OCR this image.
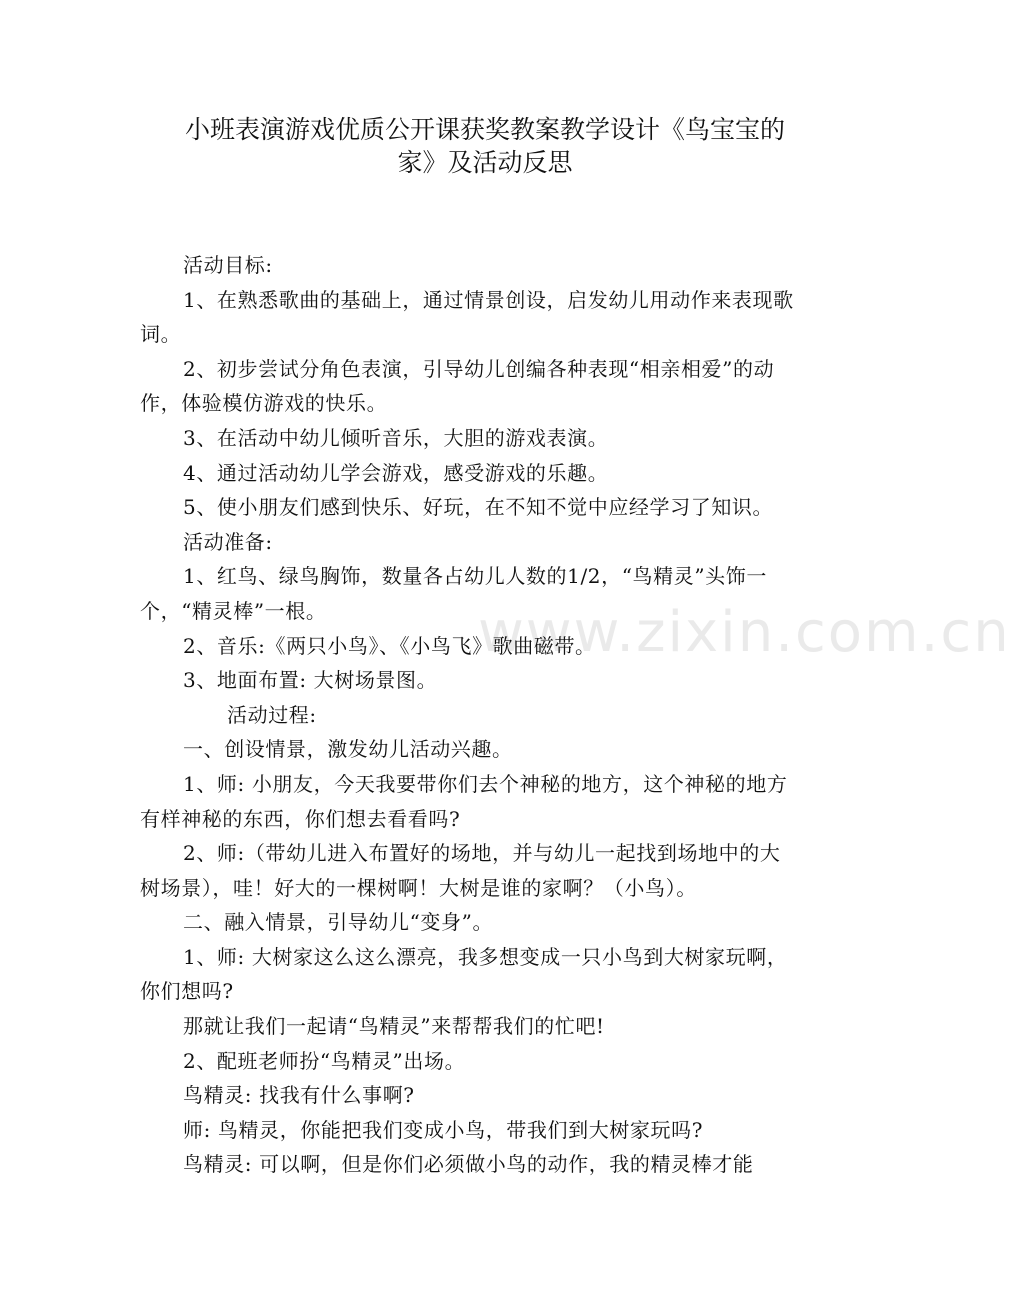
小班表演游戏优质公开课获奖教案教学设计《鸟宝宝的
家》及活动反思
www.zixin.com.cn

活动目标:

1、在熟悉歌曲的基础上，通过情景创设，启发幼儿用动作来表现歌词。

2、初步尝试分角色表演，引导幼儿创编各种表现“相亲相爱”的动作，体验模仿游戏的快乐。

3、在活动中幼儿倾听音乐，大胆的游戏表演。

4、通过活动幼儿学会游戏，感受游戏的乐趣。

5、使小朋友们感到快乐、好玩，在不知不觉中应经学习了知识。

活动准备:

1、红鸟、绿鸟胸饰，数量各占幼儿人数的1/2，“鸟精灵”头饰一个，“精灵棒”一根。

2、音乐:《两只小鸟》、《小鸟飞》歌曲磁带。

3、地面布置: 大树场景图。

活动过程:

一、创设情景，激发幼儿活动兴趣。

1、师: 小朋友，今天我要带你们去个神秘的地方，这个神秘的地方有样神秘的东西，你们想去看看吗?

2、师:（带幼儿进入布置好的场地，并与幼儿一起找到场地中的大树场景），哇！好大的一棵树啊！大树是谁的家啊？（小鸟）。

二、融入情景，引导幼儿“变身”。

1、师: 大树家这么这么漂亮，我多想变成一只小鸟到大树家玩啊，你们想吗?

那就让我们一起请“鸟精灵”来帮帮我们的忙吧!

2、配班老师扮“鸟精灵”出场。

鸟精灵: 找我有什么事啊?

师: 鸟精灵，你能把我们变成小鸟，带我们到大树家玩吗?

鸟精灵: 可以啊，但是你们必须做小鸟的动作，我的精灵棒才能
